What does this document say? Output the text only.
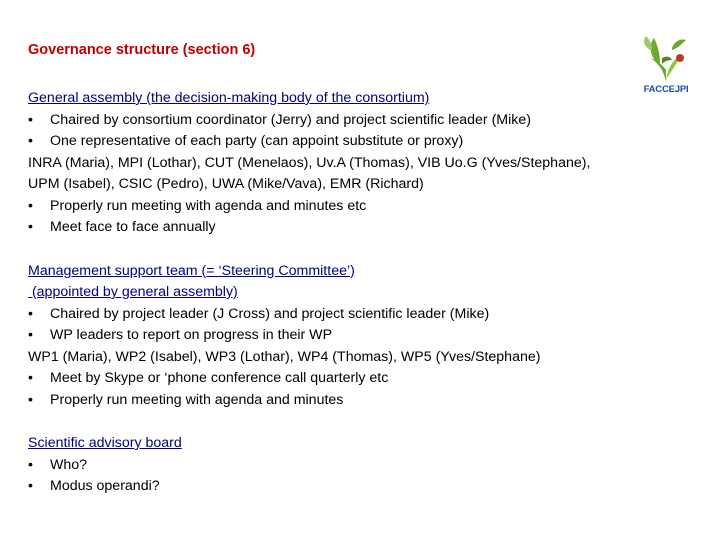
Governance structure (section 6)
FACCEJPI
General assembly (the decision-making body of the consortium)
•	Chaired by consortium coordinator (Jerry) and project scientific leader (Mike)
•	One representative of each party (can appoint substitute or proxy)
INRA (Maria), MPI (Lothar), CUT (Menelaos), Uv.A (Thomas), VIB Uo.G (Yves/Stephane),
UPM (Isabel), CSIC (Pedro), UWA (Mike/Vava), EMR (Richard)
•	Properly run meeting with agenda and minutes etc
•	Meet face to face annually
Management support team (= ‘Steering Committee’)
(appointed by general assembly)
•	Chaired by project leader (J Cross) and project scientific leader (Mike)
•	WP leaders to report on progress in their WP
WP1 (Maria), WP2 (Isabel), WP3 (Lothar), WP4 (Thomas), WP5 (Yves/Stephane)
•	Meet by Skype or ‘phone conference call quarterly etc
•	Properly run meeting with agenda and minutes
Scientific advisory board
•	Who?
•	Modus operandi?
